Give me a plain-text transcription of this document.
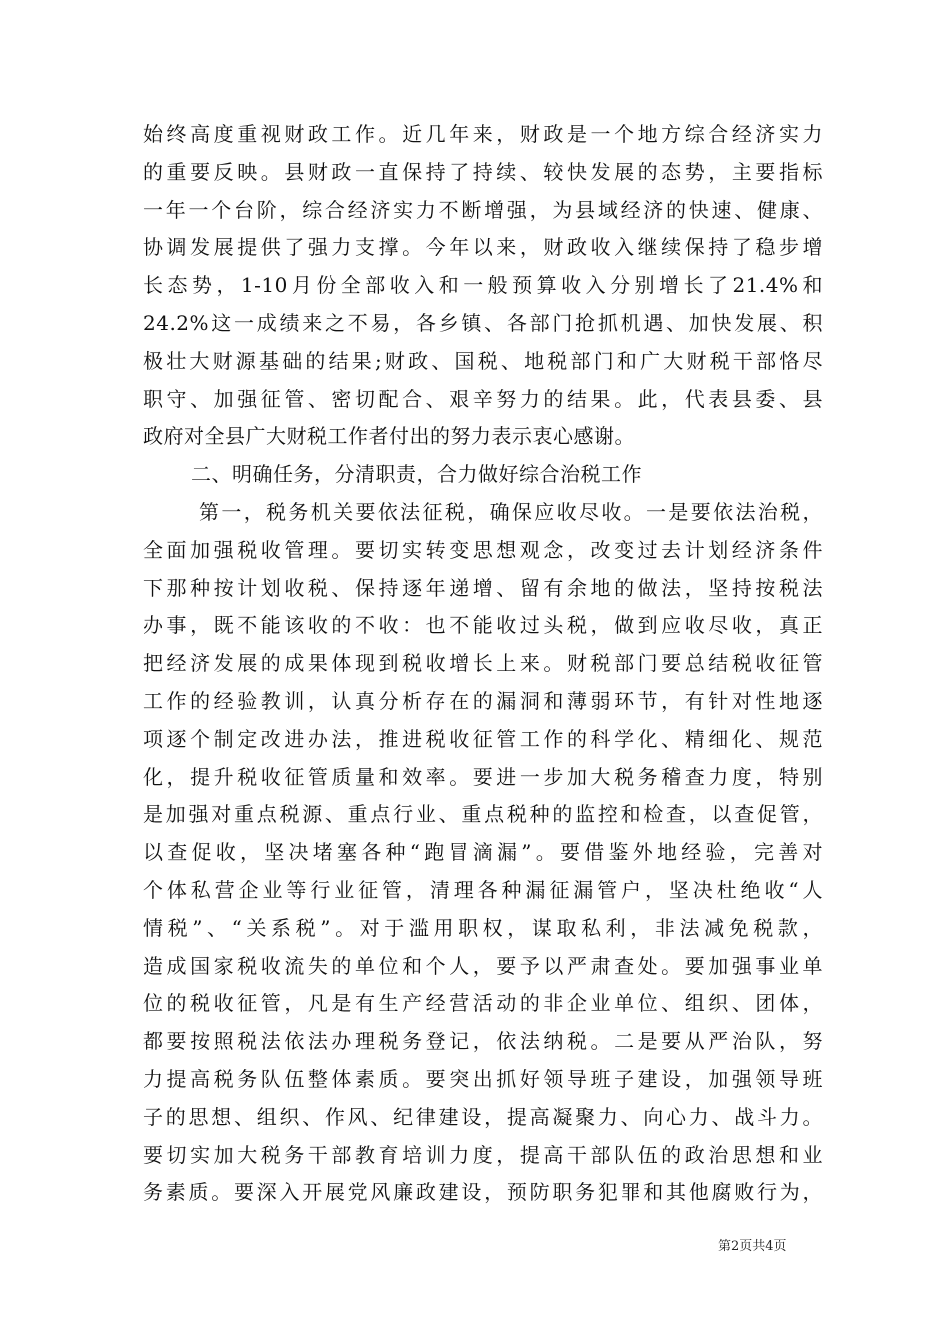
始终高度重视财政工作。近几年来，财政是一个地方综合经济实力
的重要反映。县财政一直保持了持续、较快发展的态势，主要指标
一年一个台阶，综合经济实力不断增强，为县域经济的快速、健康、
协调发展提供了强力支撑。今年以来，财政收入继续保持了稳步增
长态势，1-10月份全部收入和一般预算收入分别增长了21.4%和
24.2%这一成绩来之不易，各乡镇、各部门抢抓机遇、加快发展、积
极壮大财源基础的结果;财政、国税、地税部门和广大财税干部恪尽
职守、加强征管、密切配合、艰辛努力的结果。此，代表县委、县
政府对全县广大财税工作者付出的努力表示衷心感谢。
二、明确任务，分清职责，合力做好综合治税工作
第一，税务机关要依法征税，确保应收尽收。一是要依法治税，
全面加强税收管理。要切实转变思想观念，改变过去计划经济条件
下那种按计划收税、保持逐年递增、留有余地的做法，坚持按税法
办事，既不能该收的不收：也不能收过头税，做到应收尽收，真正
把经济发展的成果体现到税收增长上来。财税部门要总结税收征管
工作的经验教训，认真分析存在的漏洞和薄弱环节，有针对性地逐
项逐个制定改进办法，推进税收征管工作的科学化、精细化、规范
化，提升税收征管质量和效率。要进一步加大税务稽查力度，特别
是加强对重点税源、重点行业、重点税种的监控和检查，以查促管，
以查促收，坚决堵塞各种“跑冒滴漏”。要借鉴外地经验，完善对
个体私营企业等行业征管，清理各种漏征漏管户，坚决杜绝收“人
情税”、“关系税”。对于滥用职权，谋取私利，非法减免税款，
造成国家税收流失的单位和个人，要予以严肃查处。要加强事业单
位的税收征管，凡是有生产经营活动的非企业单位、组织、团体，
都要按照税法依法办理税务登记，依法纳税。二是要从严治队，努
力提高税务队伍整体素质。要突出抓好领导班子建设，加强领导班
子的思想、组织、作风、纪律建设，提高凝聚力、向心力、战斗力。
要切实加大税务干部教育培训力度，提高干部队伍的政治思想和业
务素质。要深入开展党风廉政建设，预防职务犯罪和其他腐败行为，
第2页共4页
